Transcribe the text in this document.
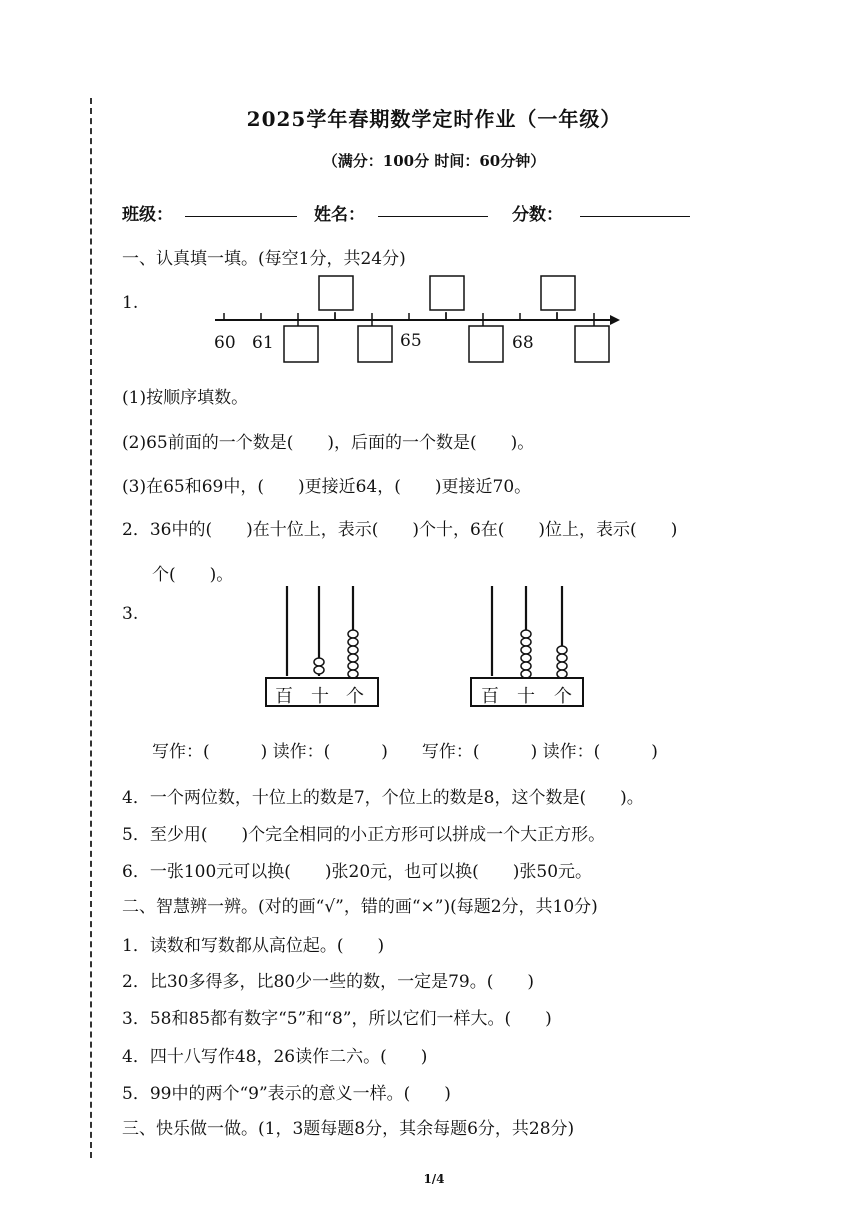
2025学年春期数学定时作业（一年级）
（满分：100分 时间：60分钟）
班级：	姓名：	分数：
一、认真填一填。(每空1分，共24分)
1.
60 61	65	68
(1)按顺序填数。
(2)65前面的一个数是(　　)，后面的一个数是(　　)。
(3)在65和69中，(　　)更接近64，(　　)更接近70。
2．36中的(　　)在十位上，表示(　　)个十，6在(　　)位上，表示(　　)
个(　　)。
3.
百 十 个	百 十 个
写作：(　　　) 读作：(　　　)　　写作：(　　　) 读作：(　　　)
4．一个两位数，十位上的数是7，个位上的数是8，这个数是(　　)。
5．至少用(　　)个完全相同的小正方形可以拼成一个大正方形。
6．一张100元可以换(　　)张20元，也可以换(　　)张50元。
二、智慧辨一辨。(对的画“√”，错的画“×”)(每题2分，共10分)
1．读数和写数都从高位起。(　　)
2．比30多得多，比80少一些的数，一定是79。(　　)
3．58和85都有数字“5”和“8”，所以它们一样大。(　　)
4．四十八写作48，26读作二六。(　　)
5．99中的两个“9”表示的意义一样。(　　)
三、快乐做一做。(1，3题每题8分，其余每题6分，共28分)
1/4
